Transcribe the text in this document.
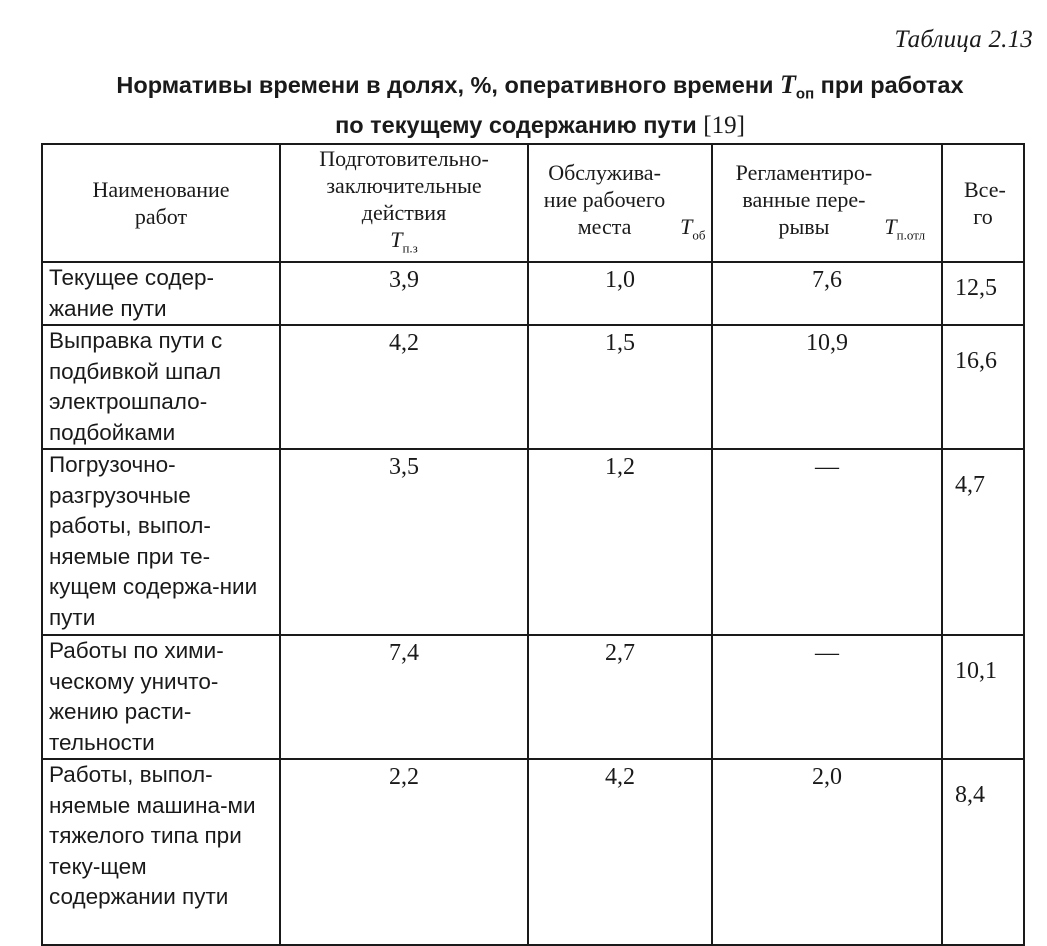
Таблица 2.13
Нормативы времени в долях, %, оперативного времени $T_{оп}$ при работах
по текущему содержанию пути [19]
Наименование работ	Подготовительно-заключительные действия $T_{п.з}$	Обслужива-ние рабочего места $T_{об}$	Регламентиро-ванные пере-рывы $T_{п.отл}$	Все-го
Текущее содер-жание пути	3,9	1,0	7,6	12,5
Выправка пути с подбивкой шпал электрошпало-подбойками	4,2	1,5	10,9	16,6
Погрузочно-разгрузочные работы, выпол-няемые при те-кущем содержа-нии пути	3,5	1,2	—	4,7
Работы по хими-ческому уничто-жению расти-тельности	7,4	2,7	—	10,1
Работы, выпол-няемые машина-ми тяжелого типа при теку-щем содержании пути	2,2	4,2	2,0	8,4
